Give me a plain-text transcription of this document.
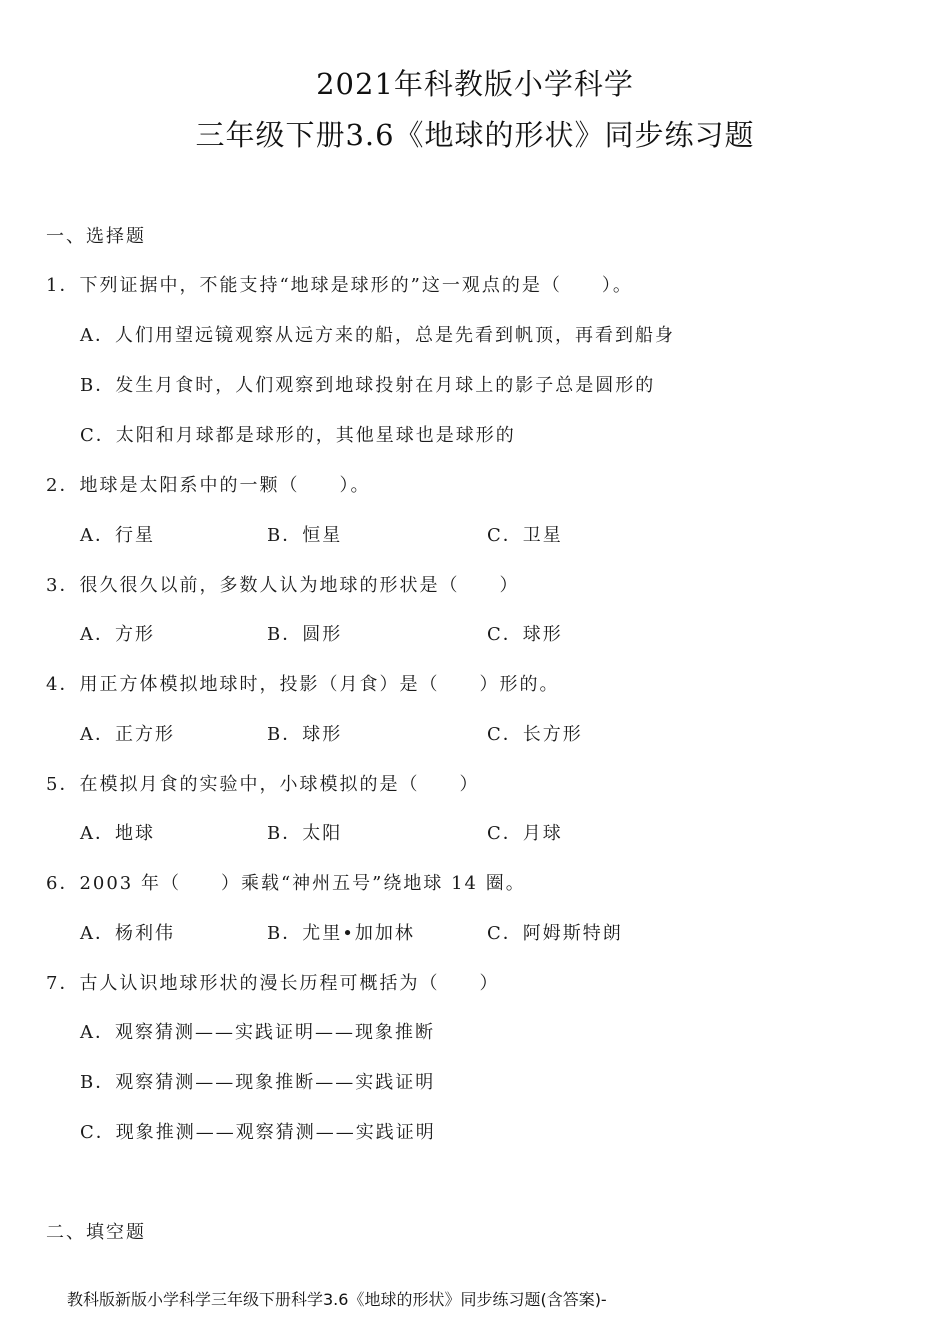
2021年科教版小学科学
三年级下册3.6《地球的形状》同步练习题
一、选择题
1．下列证据中，不能支持“地球是球形的”这一观点的是（　　）。
A．人们用望远镜观察从远方来的船，总是先看到帆顶，再看到船身
B．发生月食时，人们观察到地球投射在月球上的影子总是圆形的
C．太阳和月球都是球形的，其他星球也是球形的
2．地球是太阳系中的一颗（　　）。
A．行星	B．恒星	C．卫星
3．很久很久以前，多数人认为地球的形状是（　　）
A．方形	B．圆形	C．球形
4．用正方体模拟地球时，投影（月食）是（　　）形的。
A．正方形	B．球形	C．长方形
5．在模拟月食的实验中，小球模拟的是（　　）
A．地球	B．太阳	C．月球
6．2003 年（　　）乘载“神州五号”绕地球 14 圈。
A．杨利伟	B．尤里•加加林	C．阿姆斯特朗
7．古人认识地球形状的漫长历程可概括为（　　）
A．观察猜测——实践证明——现象推断
B．观察猜测——现象推断——实践证明
C．现象推测——观察猜测——实践证明
二、填空题
教科版新版小学科学三年级下册科学3.6《地球的形状》同步练习题(含答案)-
